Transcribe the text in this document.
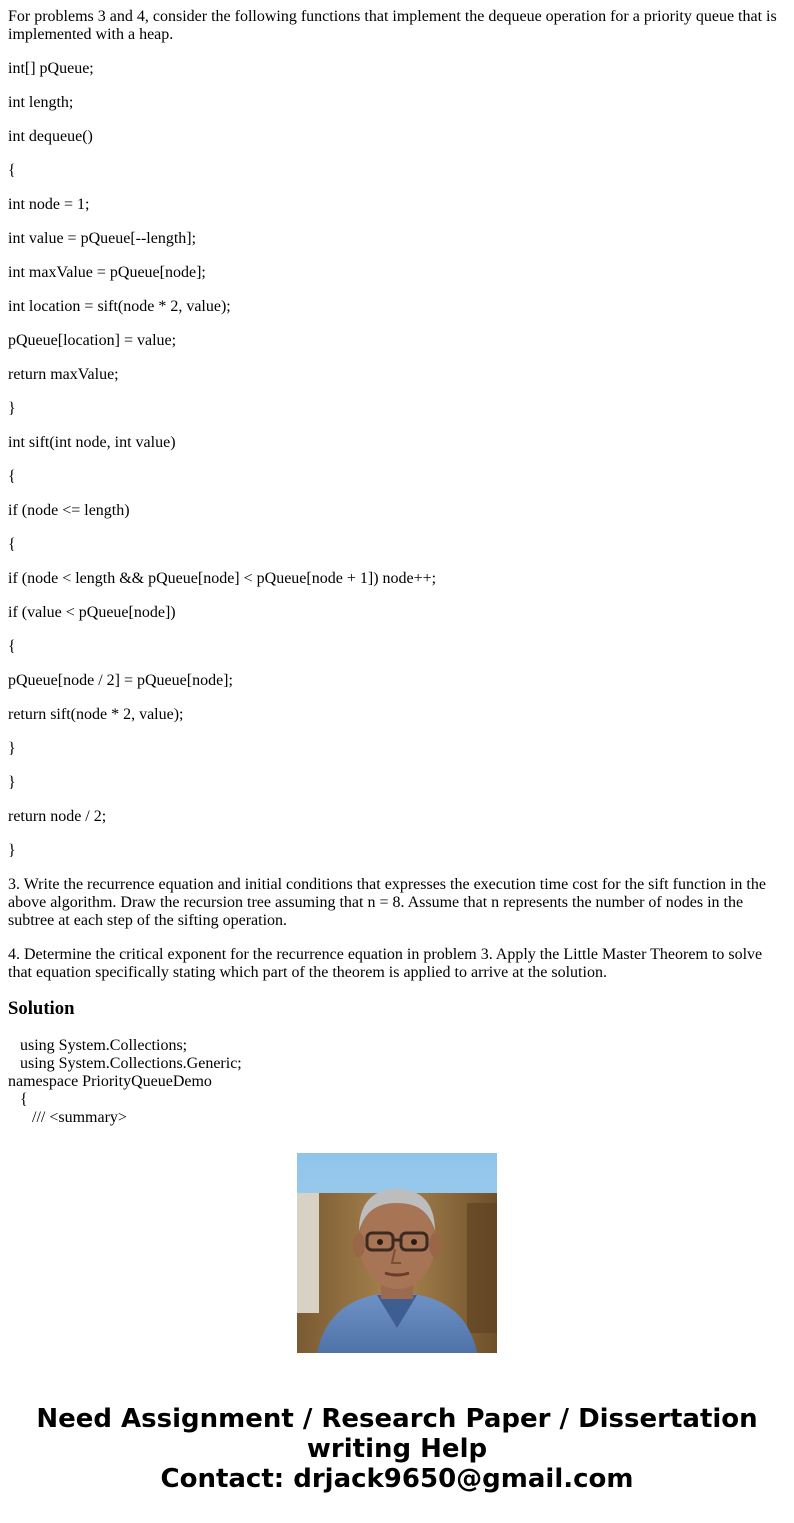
For problems 3 and 4, consider the following functions that implement the dequeue operation for a priority queue that is implemented with a heap.

int[] pQueue;

int length;

int dequeue()

{

int node = 1;

int value = pQueue[--length];

int maxValue = pQueue[node];

int location = sift(node * 2, value);

pQueue[location] = value;

return maxValue;

}

int sift(int node, int value)

{

if (node <= length)

{

if (node < length && pQueue[node] < pQueue[node + 1]) node++;

if (value < pQueue[node])

{

pQueue[node / 2] = pQueue[node];

return sift(node * 2, value);

}

}

return node / 2;

}

3. Write the recurrence equation and initial conditions that expresses the execution time cost for the sift function in the above algorithm. Draw the recursion tree assuming that n = 8. Assume that n represents the number of nodes in the subtree at each step of the sifting operation.

4. Determine the critical exponent for the recurrence equation in problem 3. Apply the Little Master Theorem to solve that equation specifically stating which part of the theorem is applied to arrive at the solution.

Solution
using System.Collections;
using System.Collections.Generic;
namespace PriorityQueueDemo
{
/// <summary>
Need Assignment / Research Paper / Dissertation
writing Help
Contact: drjack9650@gmail.com
